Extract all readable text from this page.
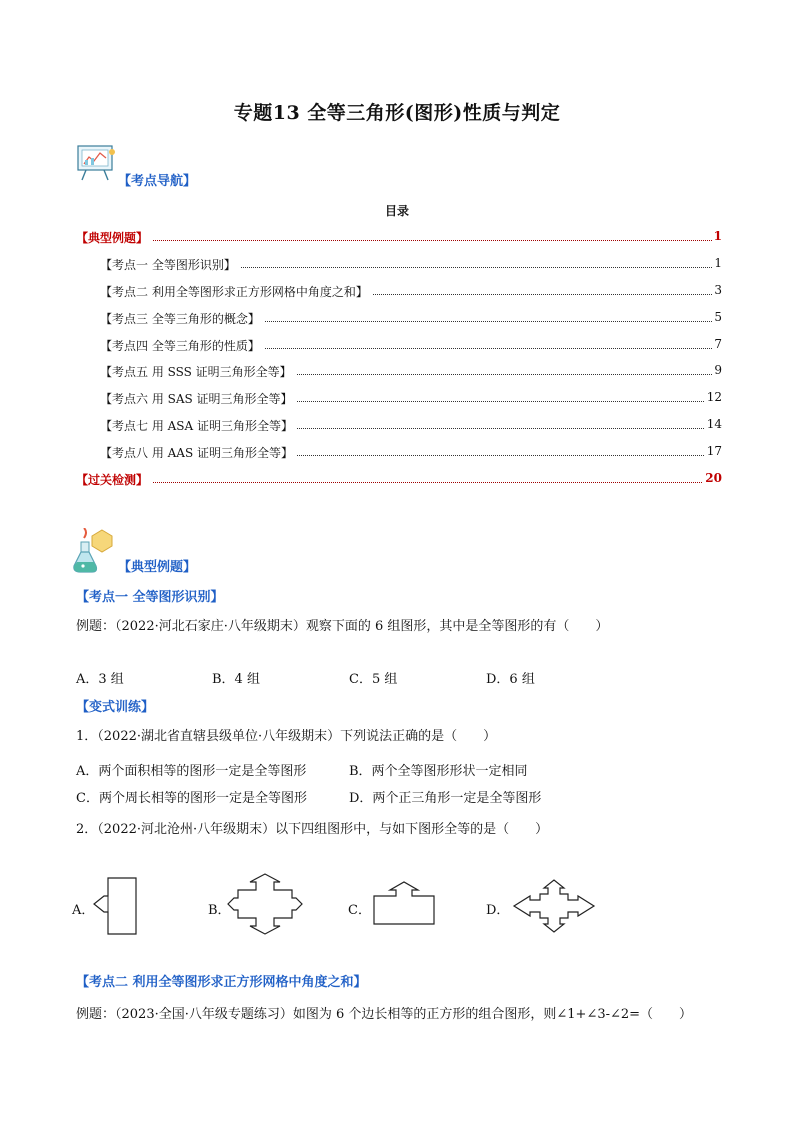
专题13 全等三角形(图形)性质与判定
【考点导航】
目录
【典型例题】	1
【考点一 全等图形识别】	1
【考点二 利用全等图形求正方形网格中角度之和】	3
【考点三 全等三角形的概念】	5
【考点四 全等三角形的性质】	7
【考点五 用 SSS 证明三角形全等】	9
【考点六 用 SAS 证明三角形全等】	12
【考点七 用 ASA 证明三角形全等】	14
【考点八 用 AAS 证明三角形全等】	17
【过关检测】	20
【典型例题】
【考点一 全等图形识别】
例题：（2022·河北石家庄·八年级期末）观察下面的 6 组图形，其中是全等图形的有（　　）
A．3 组	B．4 组	C．5 组	D．6 组
【变式训练】
1．（2022·湖北省直辖县级单位·八年级期末）下列说法正确的是（　　）
A．两个面积相等的图形一定是全等图形	B．两个全等图形形状一定相同
C．两个周长相等的图形一定是全等图形	D．两个正三角形一定是全等图形
2．（2022·河北沧州·八年级期末）以下四组图形中，与如下图形全等的是（　　）
A．	B．	C．	D．
【考点二 利用全等图形求正方形网格中角度之和】
例题：（2023·全国·八年级专题练习）如图为 6 个边长相等的正方形的组合图形，则∠1+∠3-∠2=（　　）
